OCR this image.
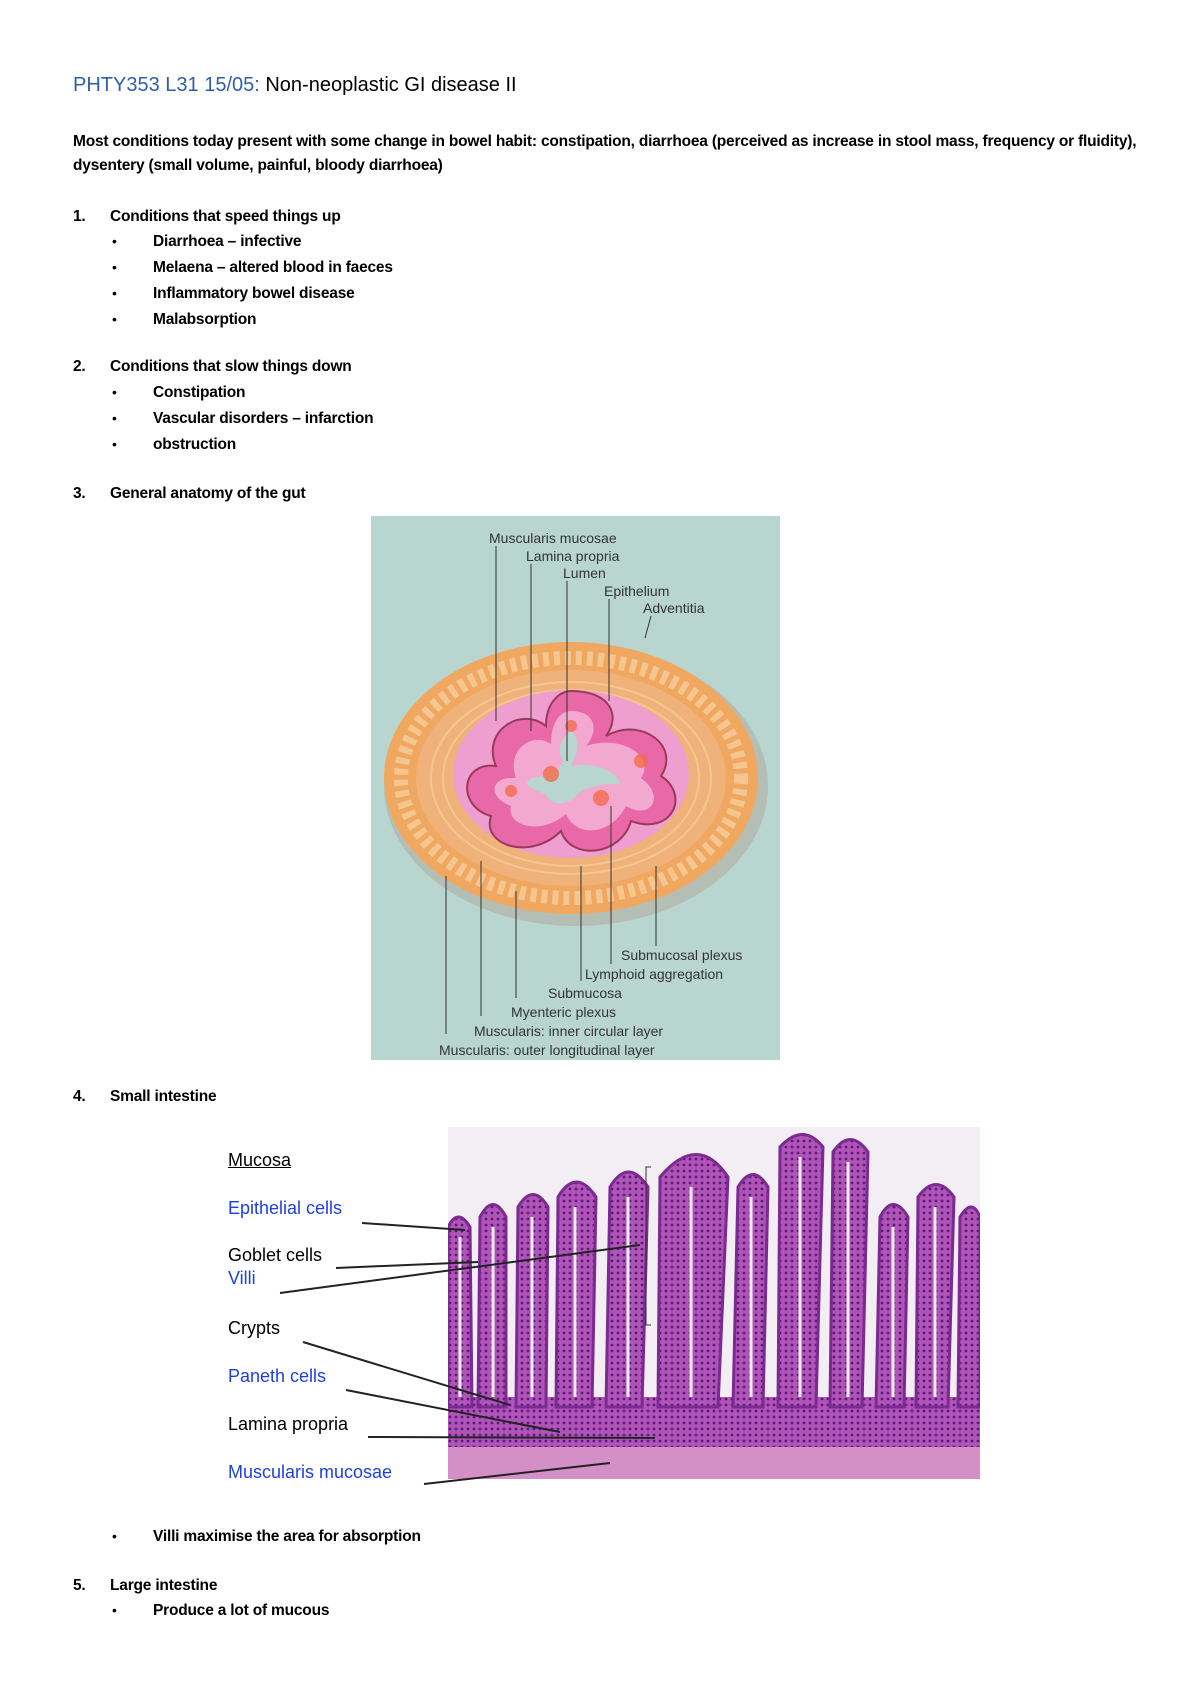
PHTY353 L31 15/05: Non-neoplastic GI disease II
Most conditions today present with some change in bowel habit: constipation, diarrhoea (perceived as increase in stool mass, frequency or fluidity), dysentery (small volume, painful, bloody diarrhoea)
1. Conditions that speed things up
• Diarrhoea – infective
• Melaena – altered blood in faeces
• Inflammatory bowel disease
• Malabsorption
2. Conditions that slow things down
• Constipation
• Vascular disorders – infarction
• obstruction
3. General anatomy of the gut
Muscularis mucosae
Lamina propria
Lumen
Epithelium
Adventitia
Submucosal plexus
Lymphoid aggregation
Submucosa
Myenteric plexus
Muscularis: inner circular layer
Muscularis: outer longitudinal layer
4. Small intestine
Mucosa
Epithelial cells
Goblet cells
Villi
Crypts
Paneth cells
Lamina propria
Muscularis mucosae
• Villi maximise the area for absorption
5. Large intestine
• Produce a lot of mucous
